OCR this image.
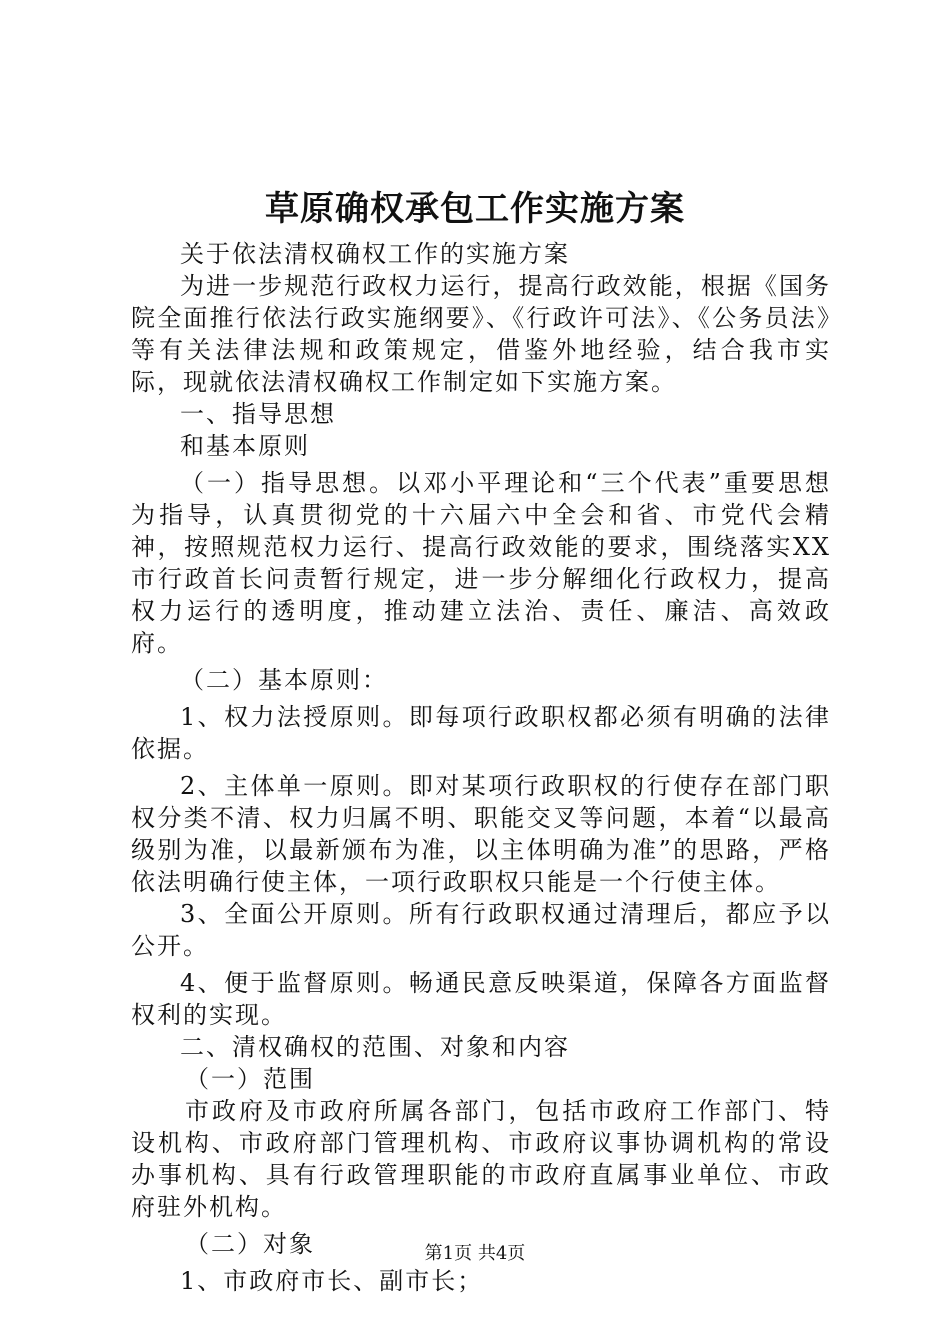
草原确权承包工作实施方案

关于依法清权确权工作的实施方案

为进一步规范行政权力运行，提高行政效能，根据《国务院全面推行依法行政实施纲要》、《行政许可法》、《公务员法》等有关法律法规和政策规定，借鉴外地经验，结合我市实际，现就依法清权确权工作制定如下实施方案。

一、指导思想

和基本原则

（一）指导思想。以邓小平理论和“三个代表”重要思想为指导，认真贯彻党的十六届六中全会和省、市党代会精神，按照规范权力运行、提高行政效能的要求，围绕落实XX市行政首长问责暂行规定，进一步分解细化行政权力，提高权力运行的透明度，推动建立法治、责任、廉洁、高效政府。

（二）基本原则：

1、权力法授原则。即每项行政职权都必须有明确的法律依据。

2、主体单一原则。即对某项行政职权的行使存在部门职权分类不清、权力归属不明、职能交叉等问题，本着“以最高级别为准，以最新颁布为准，以主体明确为准”的思路，严格依法明确行使主体，一项行政职权只能是一个行使主体。

3、全面公开原则。所有行政职权通过清理后，都应予以公开。

4、便于监督原则。畅通民意反映渠道，保障各方面监督权利的实现。

二、清权确权的范围、对象和内容

（一）范围

市政府及市政府所属各部门，包括市政府工作部门、特设机构、市政府部门管理机构、市政府议事协调机构的常设办事机构、具有行政管理职能的市政府直属事业单位、市政府驻外机构。

（二）对象

1、市政府市长、副市长；

第1页 共4页
